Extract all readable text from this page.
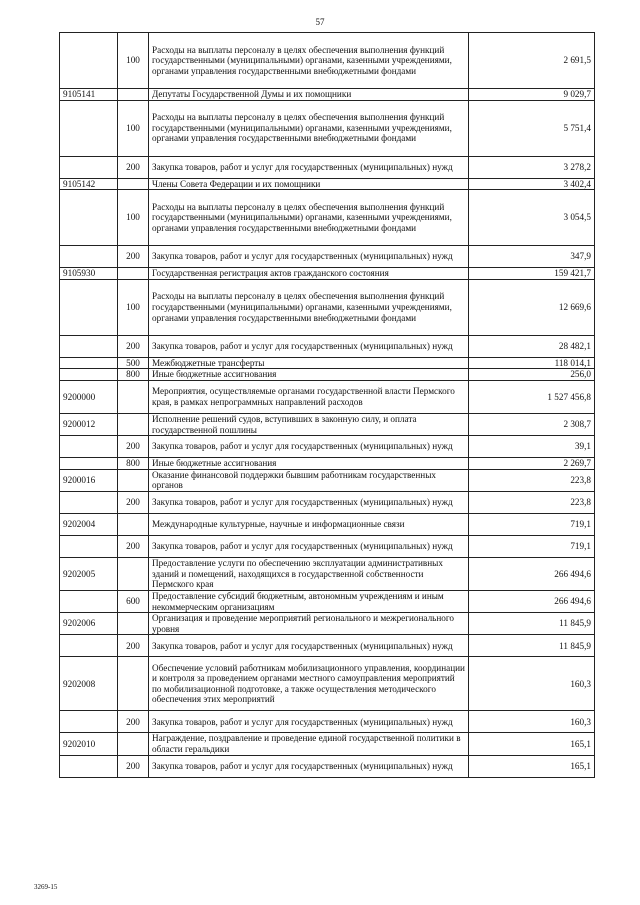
57
	100	Расходы на выплаты персоналу в целях обеспечения выполнения функций государственными (муниципальными) органами, казенными учреждениями, органами управления государственными внебюджетными фондами	2 691,5
9105141		Депутаты Государственной Думы и их помощники	9 029,7
	100	Расходы на выплаты персоналу в целях обеспечения выполнения функций государственными (муниципальными) органами, казенными учреждениями, органами управления государственными внебюджетными фондами	5 751,4
	200	Закупка товаров, работ и услуг для государственных (муниципальных) нужд	3 278,2
9105142		Члены Совета Федерации и их помощники	3 402,4
	100	Расходы на выплаты персоналу в целях обеспечения выполнения функций государственными (муниципальными) органами, казенными учреждениями, органами управления государственными внебюджетными фондами	3 054,5
	200	Закупка товаров, работ и услуг для государственных (муниципальных) нужд	347,9
9105930		Государственная регистрация актов гражданского состояния	159 421,7
	100	Расходы на выплаты персоналу в целях обеспечения выполнения функций государственными (муниципальными) органами, казенными учреждениями, органами управления государственными внебюджетными фондами	12 669,6
	200	Закупка товаров, работ и услуг для государственных (муниципальных) нужд	28 482,1
	500	Межбюджетные трансферты	118 014,1
	800	Иные бюджетные ассигнования	256,0
9200000		Мероприятия, осуществляемые органами государственной власти Пермского края, в рамках непрограммных направлений расходов	1 527 456,8
9200012		Исполнение решений судов, вступивших в законную силу, и оплата государственной пошлины	2 308,7
	200	Закупка товаров, работ и услуг для государственных (муниципальных) нужд	39,1
	800	Иные бюджетные ассигнования	2 269,7
9200016		Оказание финансовой поддержки бывшим работникам государственных органов	223,8
	200	Закупка товаров, работ и услуг для государственных (муниципальных) нужд	223,8
9202004		Международные культурные, научные и информационные связи	719,1
	200	Закупка товаров, работ и услуг для государственных (муниципальных) нужд	719,1
9202005		Предоставление услуги по обеспечению эксплуатации административных зданий и помещений, находящихся в государственной собственности Пермского края	266 494,6
	600	Предоставление субсидий бюджетным, автономным учреждениям и иным некоммерческим организациям	266 494,6
9202006		Организация и проведение мероприятий регионального и межрегионального уровня	11 845,9
	200	Закупка товаров, работ и услуг для государственных (муниципальных) нужд	11 845,9
9202008		Обеспечение условий работникам мобилизационного управления, координации и контроля за проведением органами местного самоуправления мероприятий по мобилизационной подготовке, а также осуществления методического обеспечения этих мероприятий	160,3
	200	Закупка товаров, работ и услуг для государственных (муниципальных) нужд	160,3
9202010		Награждение, поздравление и проведение единой государственной политики в области геральдики	165,1
	200	Закупка товаров, работ и услуг для государственных (муниципальных) нужд	165,1
3269-15
